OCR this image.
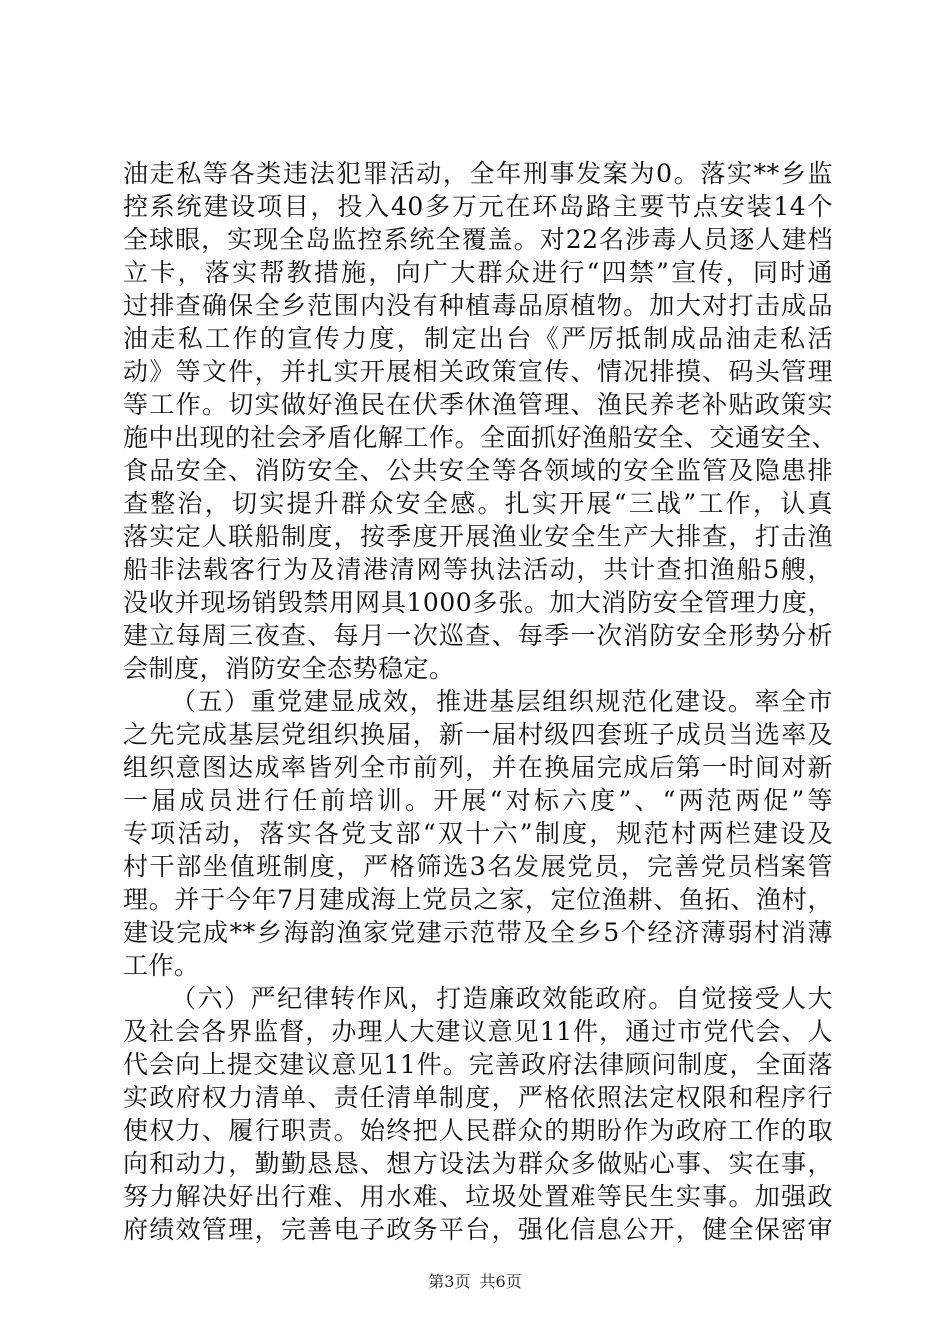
油走私等各类违法犯罪活动，全年刑事发案为0。落实**乡监
控系统建设项目，投入40多万元在环岛路主要节点安装14个
全球眼，实现全岛监控系统全覆盖。对22名涉毒人员逐人建档
立卡，落实帮教措施，向广大群众进行“四禁”宣传，同时通
过排查确保全乡范围内没有种植毒品原植物。加大对打击成品
油走私工作的宣传力度，制定出台《严厉抵制成品油走私活
动》等文件，并扎实开展相关政策宣传、情况排摸、码头管理
等工作。切实做好渔民在伏季休渔管理、渔民养老补贴政策实
施中出现的社会矛盾化解工作。全面抓好渔船安全、交通安全、
食品安全、消防安全、公共安全等各领域的安全监管及隐患排
查整治，切实提升群众安全感。扎实开展“三战”工作，认真
落实定人联船制度，按季度开展渔业安全生产大排查，打击渔
船非法载客行为及清港清网等执法活动，共计查扣渔船5艘，
没收并现场销毁禁用网具1000多张。加大消防安全管理力度，
建立每周三夜查、每月一次巡查、每季一次消防安全形势分析
会制度，消防安全态势稳定。
（五）重党建显成效，推进基层组织规范化建设。率全市
之先完成基层党组织换届，新一届村级四套班子成员当选率及
组织意图达成率皆列全市前列，并在换届完成后第一时间对新
一届成员进行任前培训。开展“对标六度”、“两范两促”等
专项活动，落实各党支部“双十六”制度，规范村两栏建设及
村干部坐值班制度，严格筛选3名发展党员，完善党员档案管
理。并于今年7月建成海上党员之家，定位渔耕、鱼拓、渔村，
建设完成**乡海韵渔家党建示范带及全乡5个经济薄弱村消薄
工作。
（六）严纪律转作风，打造廉政效能政府。自觉接受人大
及社会各界监督，办理人大建议意见11件，通过市党代会、人
代会向上提交建议意见11件。完善政府法律顾问制度，全面落
实政府权力清单、责任清单制度，严格依照法定权限和程序行
使权力、履行职责。始终把人民群众的期盼作为政府工作的取
向和动力，勤勤恳恳、想方设法为群众多做贴心事、实在事，
努力解决好出行难、用水难、垃圾处置难等民生实事。加强政
府绩效管理，完善电子政务平台，强化信息公开，健全保密审
第3页 共6页
